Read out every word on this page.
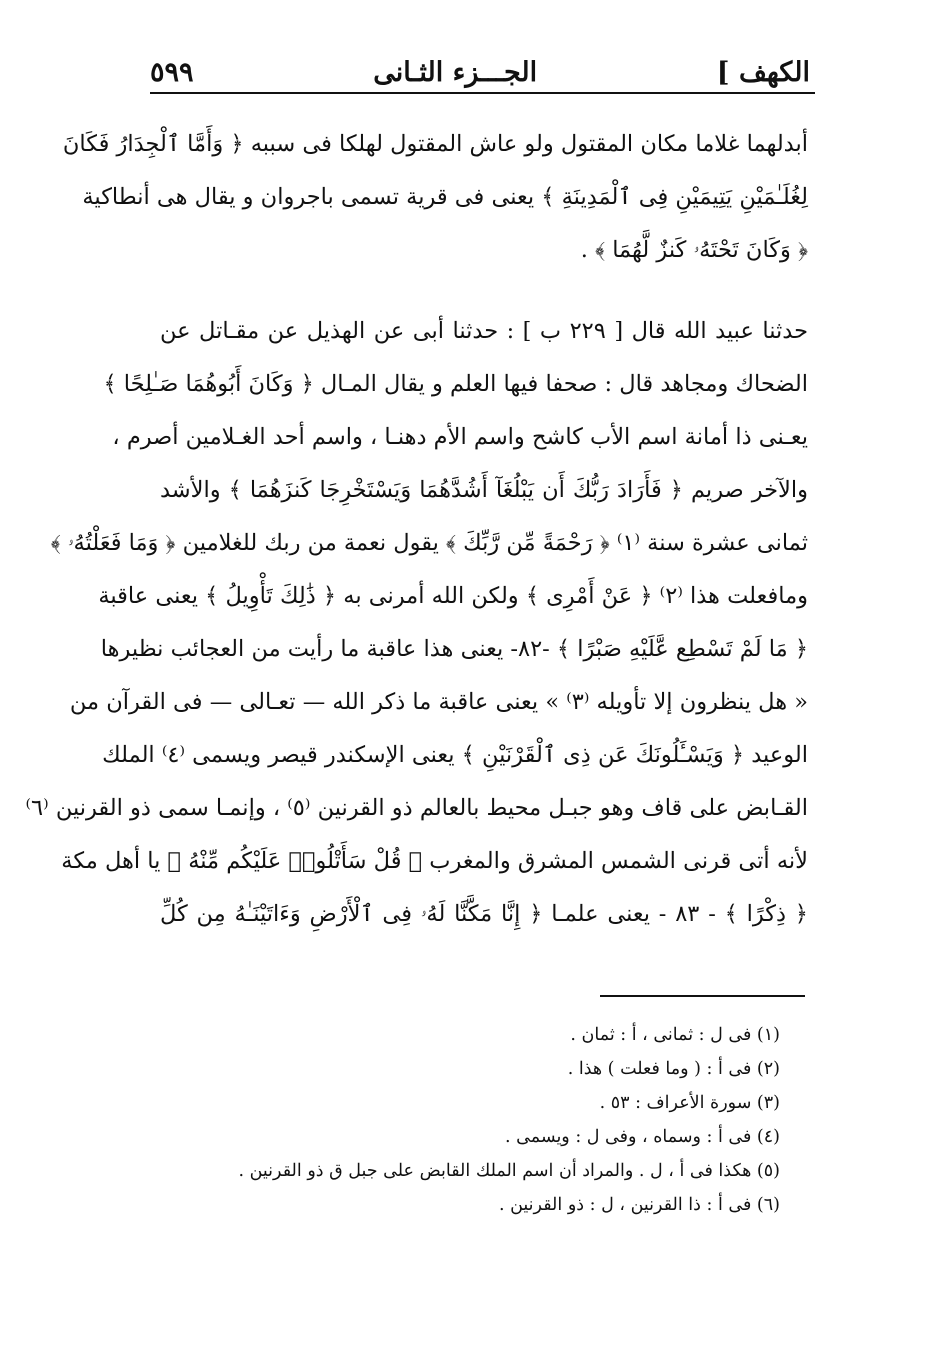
الكهف ]
الجـــزء الثـانى
٥٩٩
أبدلهما غلاما مكان المقتول ولو عاش المقتول لهلكا فى سببه ﴿ وَأَمَّا ٱلْجِدَارُ فَكَانَ
لِغُلَـٰمَيْنِ يَتِيمَيْنِ فِى ٱلْمَدِينَةِ ﴾ يعنى فى قرية تسمى باجروان و يقال هى أنطاكية
﴿ وَكَانَ تَحْتَهُۥ كَنزٌ لَّهُمَا ﴾ .
حدثنا عبيد الله قال [ ٢٢٩ ب ] : حدثنا أبى عن الهذيل عن مقـاتل عن
الضحاك ومجاهد قال : صحفا فيها العلم و يقال المـال ﴿ وَكَانَ أَبُوهُمَا صَـٰلِحًا ﴾
يعـنى ذا أمانة اسم الأب كاشح واسم الأم دهنـا ، واسم أحد الغـلامين أصرم ،
والآخر صريم ﴿ فَأَرَادَ رَبُّكَ أَن يَبْلُغَآ أَشُدَّهُمَا وَيَسْتَخْرِجَا كَنزَهُمَا ﴾ والأشد
ثمانى عشرة سنة ⁽١⁾ ﴿ رَحْمَةً مِّن رَّبِّكَ ﴾ يقول نعمة من ربك للغلامين ﴿ وَمَا فَعَلْتُهُۥ ﴾
ومافعلت هذا ⁽٢⁾ ﴿ عَنْ أَمْرِى ﴾ ولكن الله أمرنى به ﴿ ذَٰلِكَ تَأْوِيلُ ﴾ يعنى عاقبة
﴿ مَا لَمْ تَسْطِع عَّلَيْهِ صَبْرًا ﴾ -٨٢- يعنى هذا عاقبة ما رأيت من العجائب نظيرها
« هل ينظرون إلا تأويله ⁽٣⁾ » يعنى عاقبة ما ذكر الله — تعـالى — فى القرآن من
الوعيد ﴿ وَيَسْـَٔلُونَكَ عَن ذِى ٱلْقَرْنَيْنِ ﴾ يعنى الإسكندر قيصر ويسمى ⁽٤⁾ الملك
القـابض على قاف وهو جبـل محيط بالعالم ذو القرنين ⁽٥⁾ ، وإنمـا سمى ذو القرنين ⁽٦⁾
لأنه أتى قرنى الشمس المشرق والمغرب ﴿ قُلْ سَأَتْلُوا۟ عَلَيْكُم مِّنْهُ ﴾ يا أهل مكة
﴿ ذِكْرًا ﴾ - ٨٣ - يعنى علمـا ﴿ إِنَّا مَكَّنَّا لَهُۥ فِى ٱلْأَرْضِ وَءَاتَيْنَـٰهُ مِن كُلِّ
(١) فى ل : ثمانى ، أ : ثمان .
(٢) فى أ : ( وما فعلت ) هذا .
(٣) سورة الأعراف : ٥٣ .
(٤) فى أ : وسماه ، وفى ل : ويسمى .
(٥) هكذا فى أ ، ل . والمراد أن اسم الملك القابض على جبل ق ذو القرنين .
(٦) فى أ : ذا القرنين ، ل : ذو القرنين .
